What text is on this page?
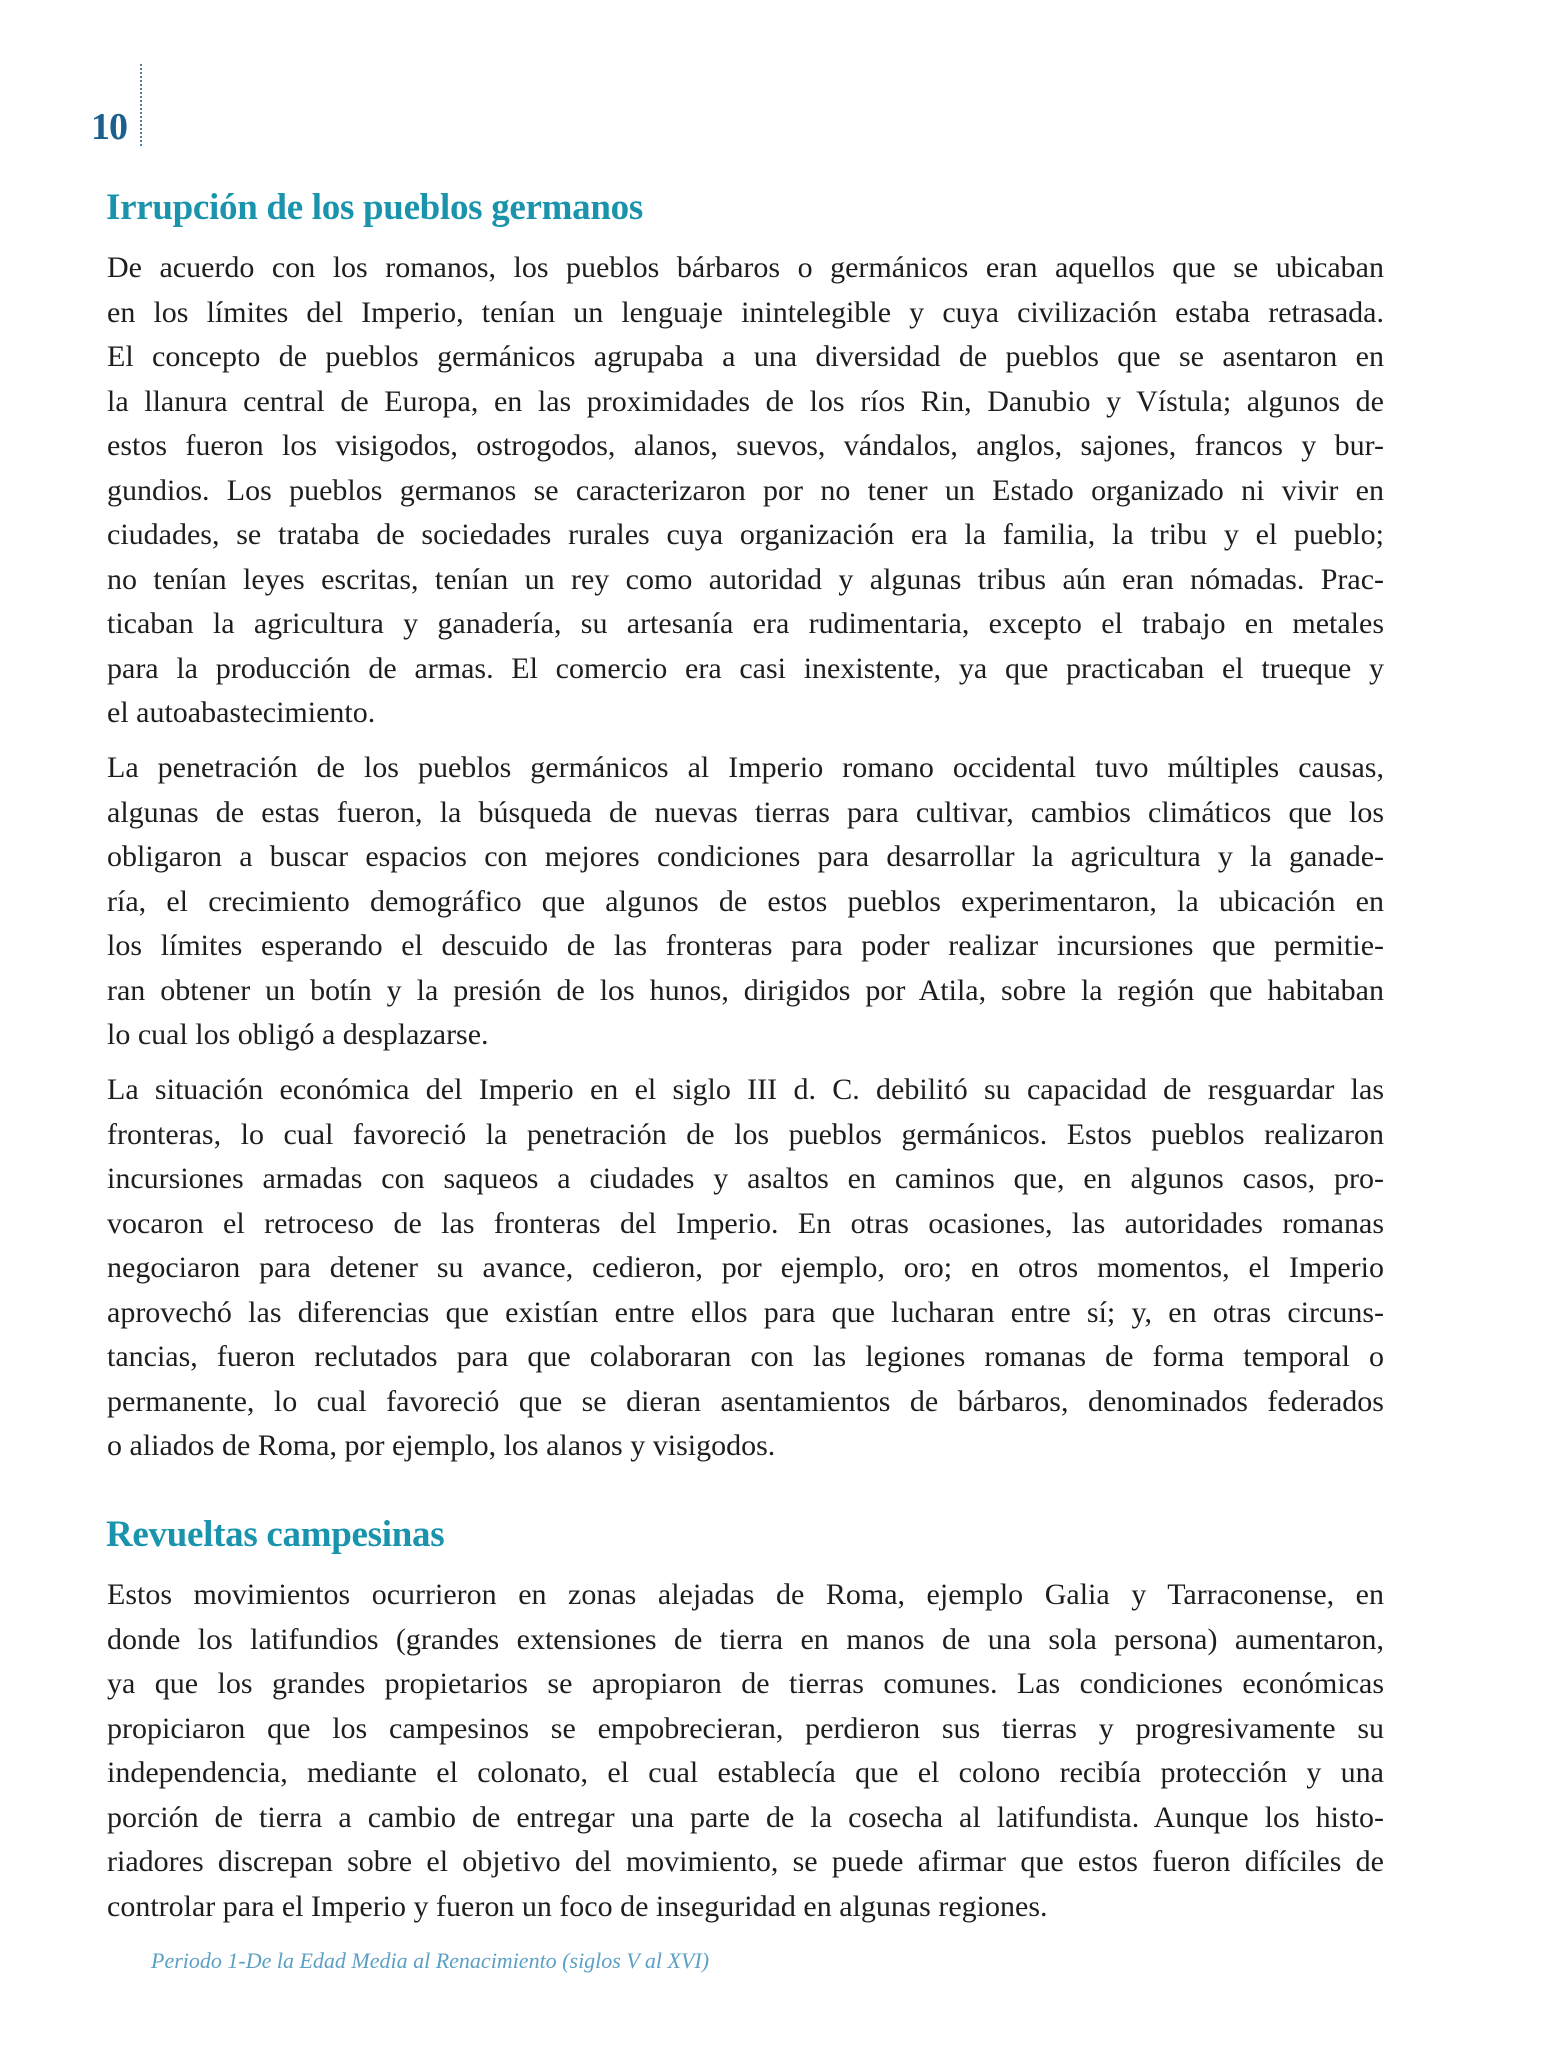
10
Irrupción de los pueblos germanos
De acuerdo con los romanos, los pueblos bárbaros o germánicos eran aquellos que se ubicaban
en los límites del Imperio, tenían un lenguaje inintelegible y cuya civilización estaba retrasada.
El concepto de pueblos germánicos agrupaba a una diversidad de pueblos que se asentaron en
la llanura central de Europa, en las proximidades de los ríos Rin, Danubio y Vístula; algunos de
estos fueron los visigodos, ostrogodos, alanos, suevos, vándalos, anglos, sajones, francos y bur-
gundios. Los pueblos germanos se caracterizaron por no tener un Estado organizado ni vivir en
ciudades, se trataba de sociedades rurales cuya organización era la familia, la tribu y el pueblo;
no tenían leyes escritas, tenían un rey como autoridad y algunas tribus aún eran nómadas. Prac-
ticaban la agricultura y ganadería, su artesanía era rudimentaria, excepto el trabajo en metales
para la producción de armas. El comercio era casi inexistente, ya que practicaban el trueque y
el autoabastecimiento.
La penetración de los pueblos germánicos al Imperio romano occidental tuvo múltiples causas,
algunas de estas fueron, la búsqueda de nuevas tierras para cultivar, cambios climáticos que los
obligaron a buscar espacios con mejores condiciones para desarrollar la agricultura y la ganade-
ría, el crecimiento demográfico que algunos de estos pueblos experimentaron, la ubicación en
los límites esperando el descuido de las fronteras para poder realizar incursiones que permitie-
ran obtener un botín y la presión de los hunos, dirigidos por Atila, sobre la región que habitaban
lo cual los obligó a desplazarse.
La situación económica del Imperio en el siglo III d. C. debilitó su capacidad de resguardar las
fronteras, lo cual favoreció la penetración de los pueblos germánicos. Estos pueblos realizaron
incursiones armadas con saqueos a ciudades y asaltos en caminos que, en algunos casos, pro-
vocaron el retroceso de las fronteras del Imperio. En otras ocasiones, las autoridades romanas
negociaron para detener su avance, cedieron, por ejemplo, oro; en otros momentos, el Imperio
aprovechó las diferencias que existían entre ellos para que lucharan entre sí; y, en otras circuns-
tancias, fueron reclutados para que colaboraran con las legiones romanas de forma temporal o
permanente, lo cual favoreció que se dieran asentamientos de bárbaros, denominados federados
o aliados de Roma, por ejemplo, los alanos y visigodos.
Revueltas campesinas
Estos movimientos ocurrieron en zonas alejadas de Roma, ejemplo Galia y Tarraconense, en
donde los latifundios (grandes extensiones de tierra en manos de una sola persona) aumentaron,
ya que los grandes propietarios se apropiaron de tierras comunes. Las condiciones económicas
propiciaron que los campesinos se empobrecieran, perdieron sus tierras y progresivamente su
independencia, mediante el colonato, el cual establecía que el colono recibía protección y una
porción de tierra a cambio de entregar una parte de la cosecha al latifundista. Aunque los histo-
riadores discrepan sobre el objetivo del movimiento, se puede afirmar que estos fueron difíciles de
controlar para el Imperio y fueron un foco de inseguridad en algunas regiones.
Periodo 1-De la Edad Media al Renacimiento (siglos V al XVI)
